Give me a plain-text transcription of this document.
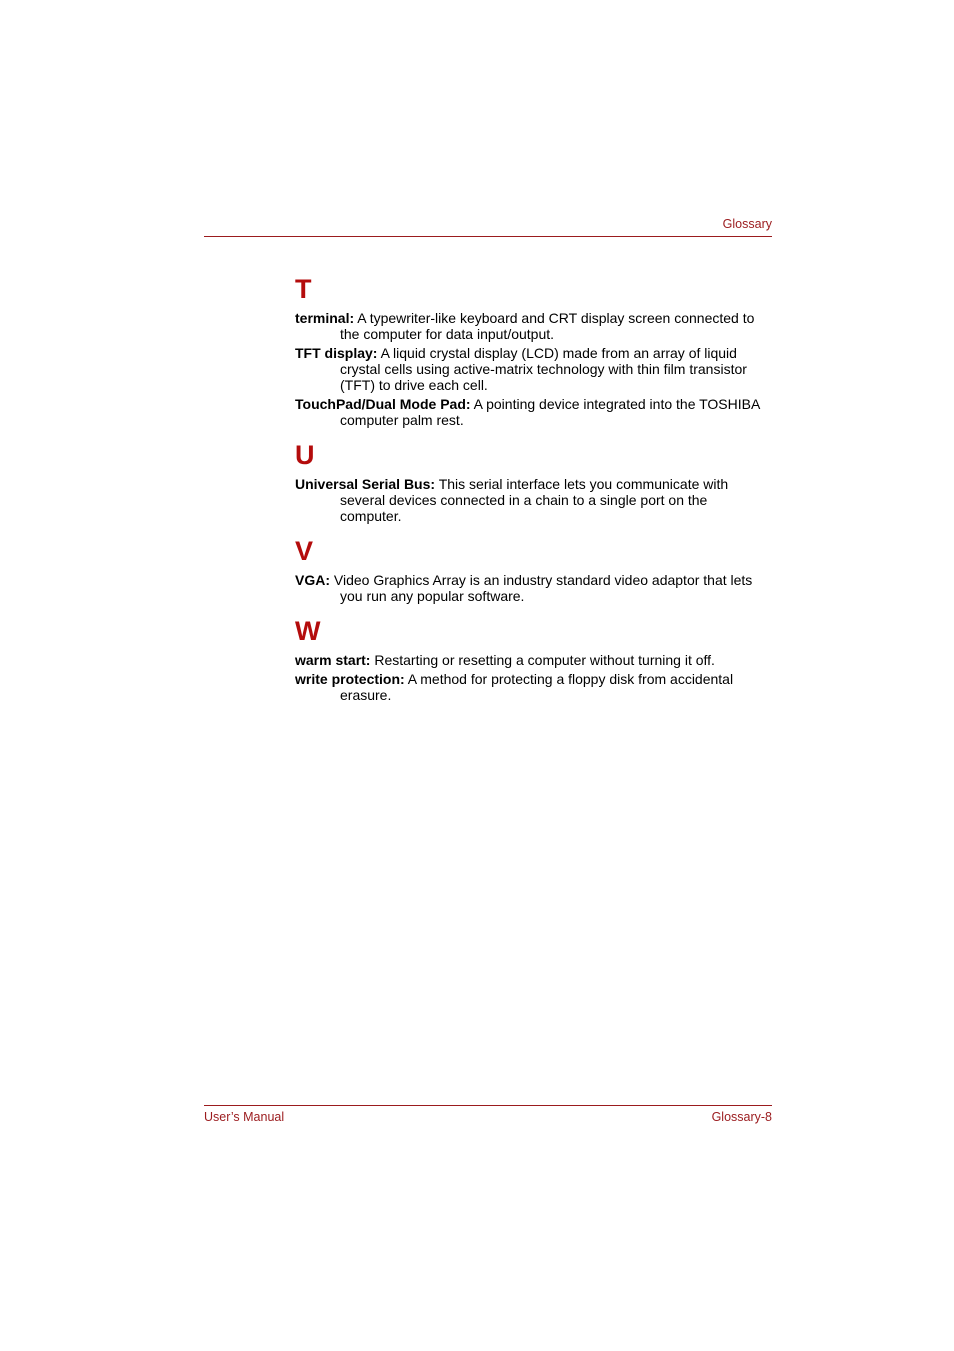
Glossary
T

terminal: A typewriter-like keyboard and CRT display screen connected to the computer for data input/output.

TFT display: A liquid crystal display (LCD) made from an array of liquid crystal cells using active-matrix technology with thin film transistor (TFT) to drive each cell.

TouchPad/Dual Mode Pad: A pointing device integrated into the TOSHIBA computer palm rest.

U

Universal Serial Bus: This serial interface lets you communicate with several devices connected in a chain to a single port on the computer.

V

VGA: Video Graphics Array is an industry standard video adaptor that lets you run any popular software.

W

warm start: Restarting or resetting a computer without turning it off.

write protection: A method for protecting a floppy disk from accidental erasure.

User’s Manual	Glossary-8
